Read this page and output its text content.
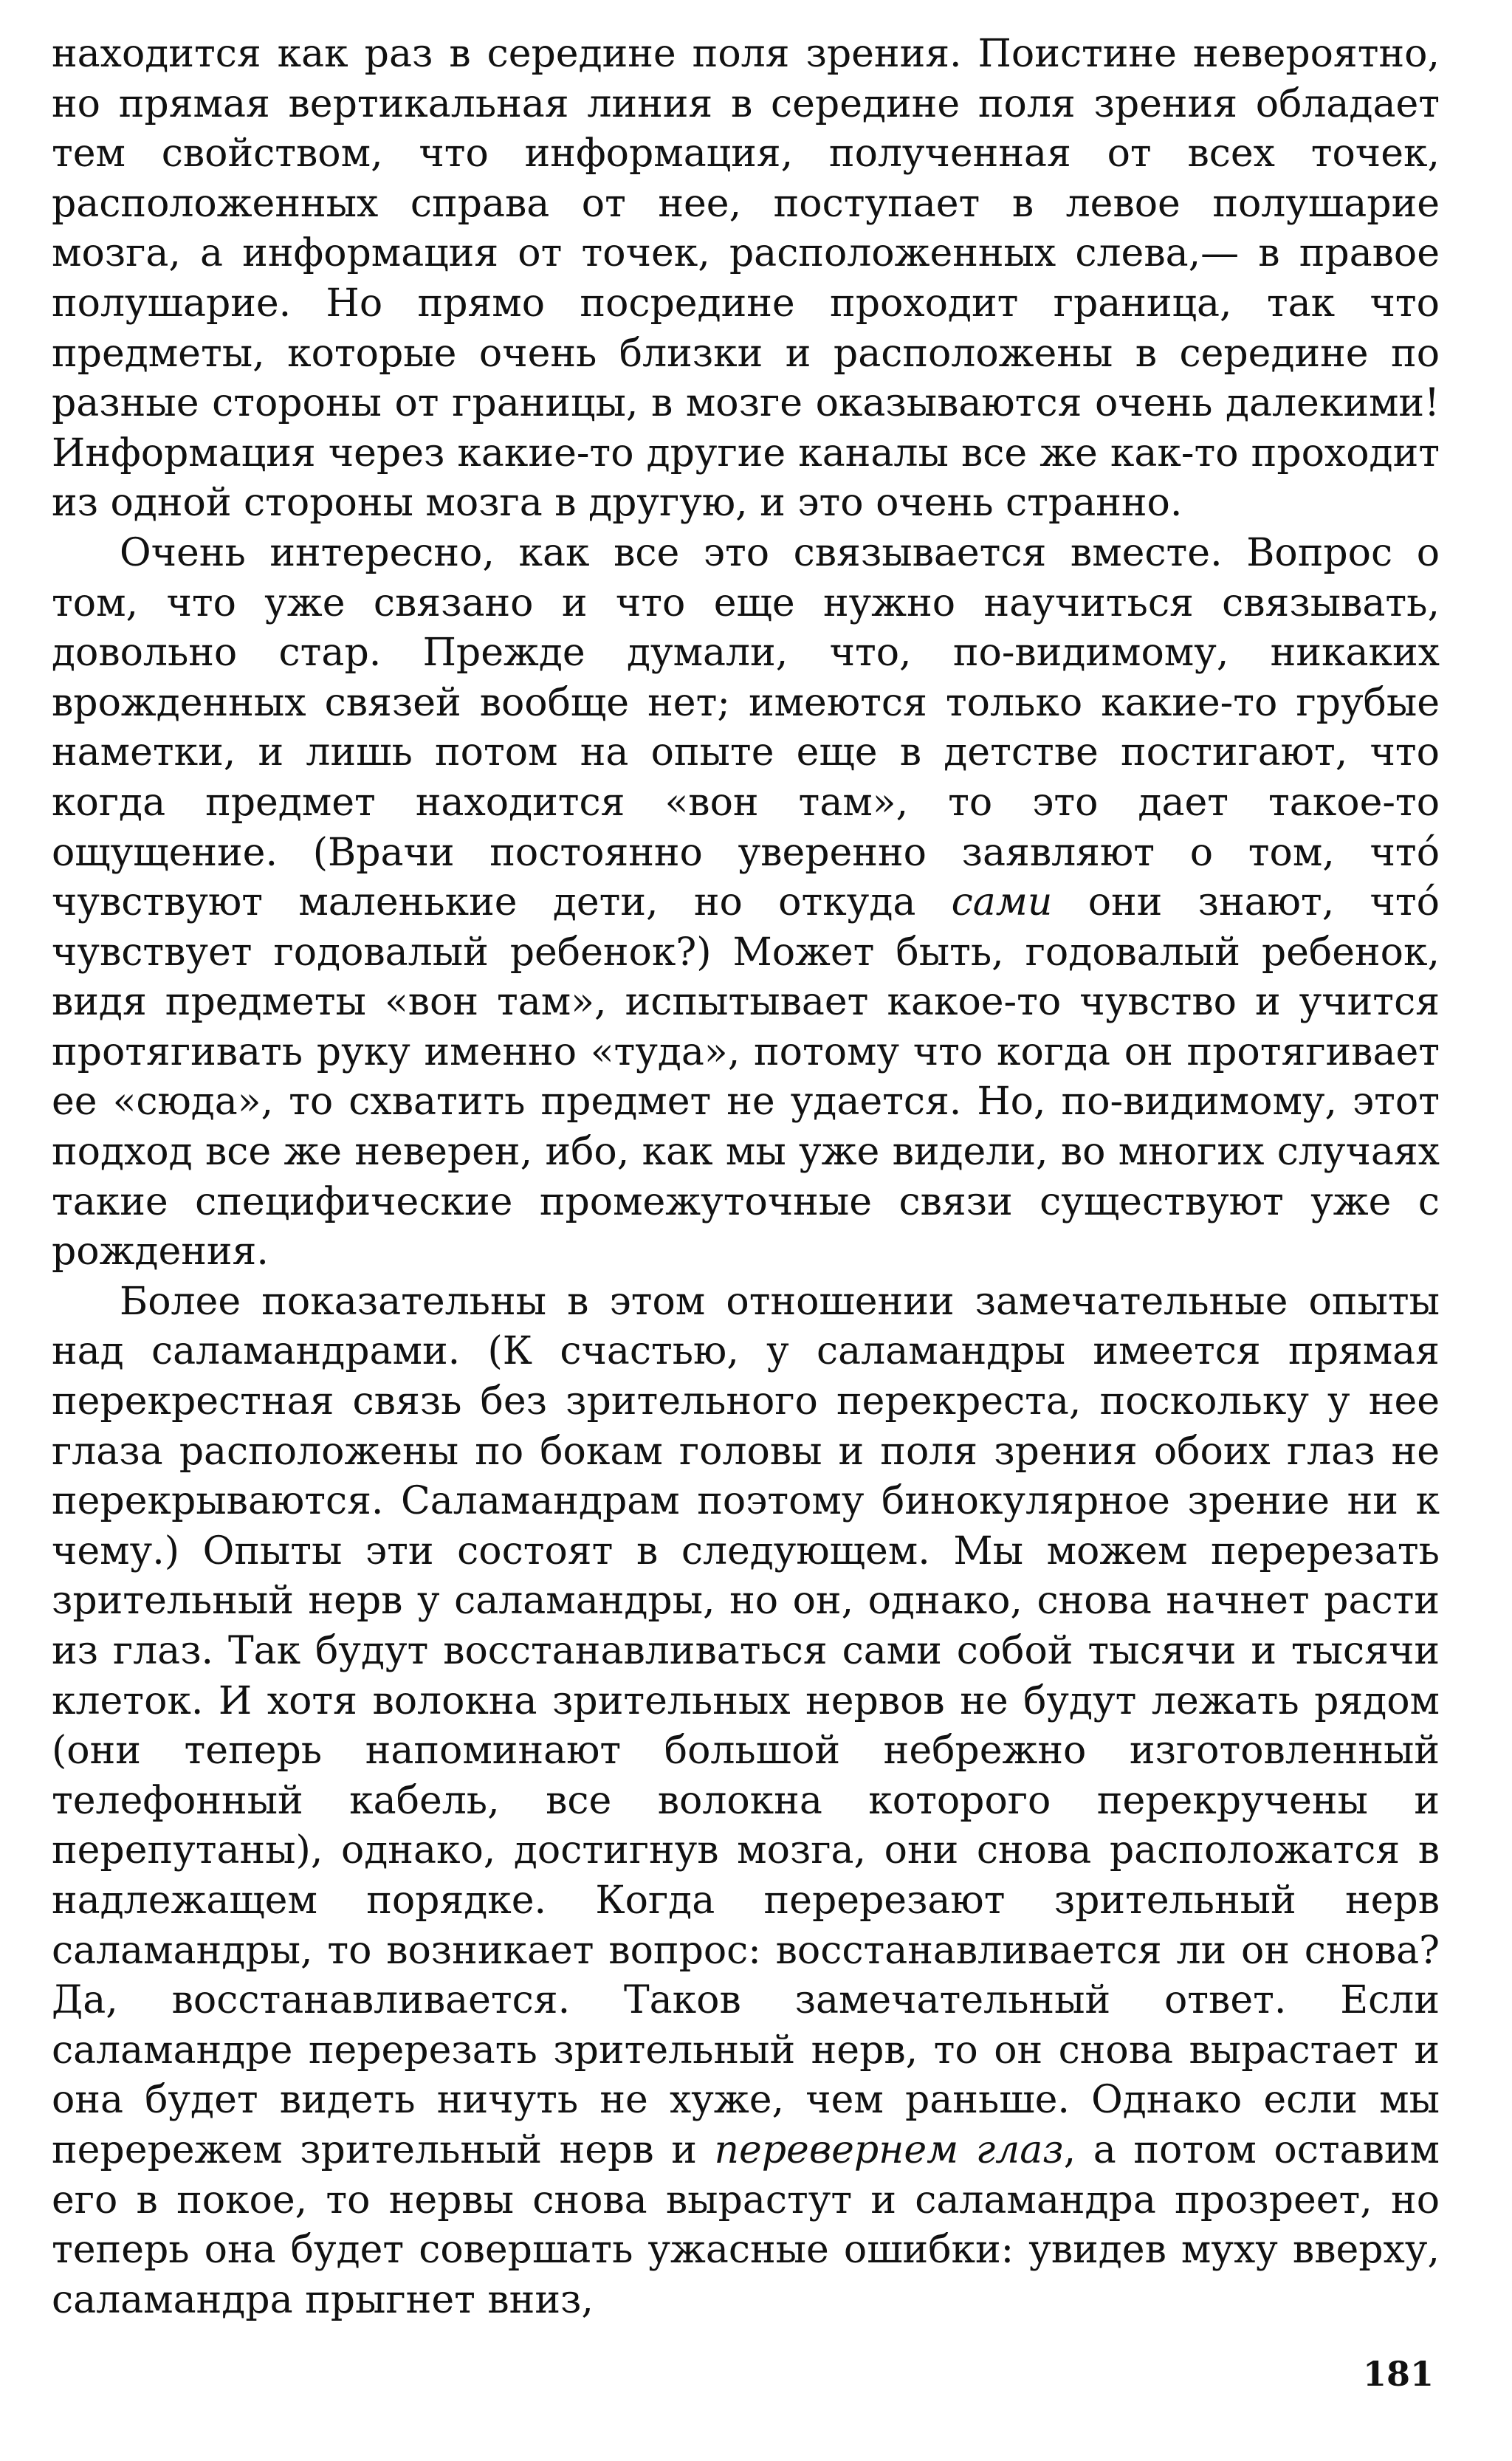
находится как раз в середине поля зрения. Поистине невероятно, но прямая вертикальная линия в середине поля зрения обладает тем свойством, что информация, полученная от всех точек, расположенных справа от нее, поступает в левое полушарие мозга, а информация от точек, расположенных слева,— в правое полушарие. Но прямо посредине проходит граница, так что предметы, которые очень близки и расположены в середине по разные стороны от границы, в мозге оказываются очень далекими! Информация через какие-то другие каналы все же как-то проходит из одной стороны мозга в другую, и это очень странно.

Очень интересно, как все это связывается вместе. Вопрос о том, что уже связано и что еще нужно научиться связывать, довольно стар. Прежде думали, что, по-видимому, никаких врожденных связей вообще нет; имеются только какие-то грубые наметки, и лишь потом на опыте еще в детстве постигают, что когда предмет находится «вон там», то это дает такое-то ощущение. (Врачи постоянно уверенно заявляют о том, что́ чувствуют маленькие дети, но откуда сами они знают, что́ чувствует годовалый ребенок?) Может быть, годовалый ребенок, видя предметы «вон там», испытывает какое-то чувство и учится протягивать руку именно «туда», потому что когда он протягивает ее «сюда», то схватить предмет не удается. Но, по-видимому, этот подход все же неверен, ибо, как мы уже видели, во многих случаях такие специфические промежуточные связи существуют уже с рождения.

Более показательны в этом отношении замечательные опыты над саламандрами. (К счастью, у саламандры имеется прямая перекрестная связь без зрительного перекреста, поскольку у нее глаза расположены по бокам головы и поля зрения обоих глаз не перекрываются. Саламандрам поэтому бинокулярное зрение ни к чему.) Опыты эти состоят в следующем. Мы можем перерезать зрительный нерв у саламандры, но он, однако, снова начнет расти из глаз. Так будут восстанавливаться сами собой тысячи и тысячи клеток. И хотя волокна зрительных нервов не будут лежать рядом (они теперь напоминают большой небрежно изготовленный телефонный кабель, все волокна которого перекручены и перепутаны), однако, достигнув мозга, они снова расположатся в надлежащем порядке. Когда перерезают зрительный нерв саламандры, то возникает вопрос: восстанавливается ли он снова? Да, восстанавливается. Таков замечательный ответ. Если саламандре перерезать зрительный нерв, то он снова вырастает и она будет видеть ничуть не хуже, чем раньше. Однако если мы перережем зрительный нерв и перевернем глаз, а потом оставим его в покое, то нервы снова вырастут и саламандра прозреет, но теперь она будет совершать ужасные ошибки: увидев муху вверху, саламандра прыгнет вниз,

181
